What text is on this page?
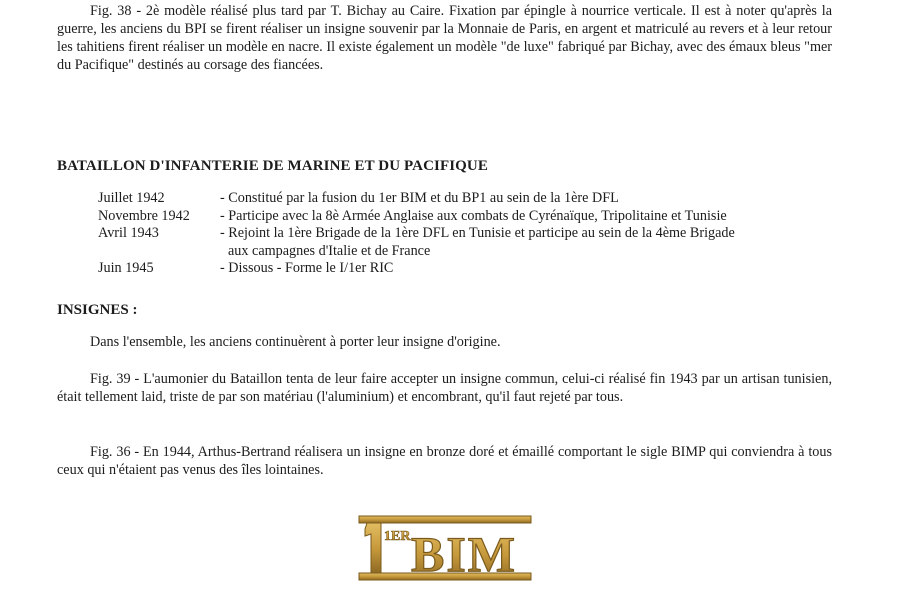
Fig. 38 - 2è modèle réalisé plus tard par T. Bichay au Caire. Fixation par épingle à nourrice verticale. Il est à noter qu'après la guerre, les anciens du BPI se firent réaliser un insigne souvenir par la Monnaie de Paris, en argent et matriculé au revers et à leur retour les tahitiens firent réaliser un modèle en nacre. Il existe également un modèle "de luxe" fabriqué par Bichay, avec des émaux bleus "mer du Pacifique" destinés au corsage des fiancées.

BATAILLON D'INFANTERIE DE MARINE ET DU PACIFIQUE
Juillet 1942	- Constitué par la fusion du 1er BIM et du BP1 au sein de la 1ère DFL
Novembre 1942	- Participe avec la 8è Armée Anglaise aux combats de Cyrénaïque, Tripolitaine et Tunisie
Avril 1943	- Rejoint la 1ère Brigade de la 1ère DFL en Tunisie et participe au sein de la 4ème Brigade
aux campagnes d'Italie et de France
Juin 1945	- Dissous - Forme le I/1er RIC
INSIGNES :

Dans l'ensemble, les anciens continuèrent à porter leur insigne d'origine.

Fig. 39 - L'aumonier du Bataillon tenta de leur faire accepter un insigne commun, celui-ci réalisé fin 1943 par un artisan tunisien, était tellement laid, triste de par son matériau (l'aluminium) et encombrant, qu'il faut rejeté par tous.

Fig. 36 - En 1944, Arthus-Bertrand réalisera un insigne en bronze doré et émaillé comportant le sigle BIMP qui conviendra à tous ceux qui n'étaient pas venus des îles lointaines.

1ER BIM
